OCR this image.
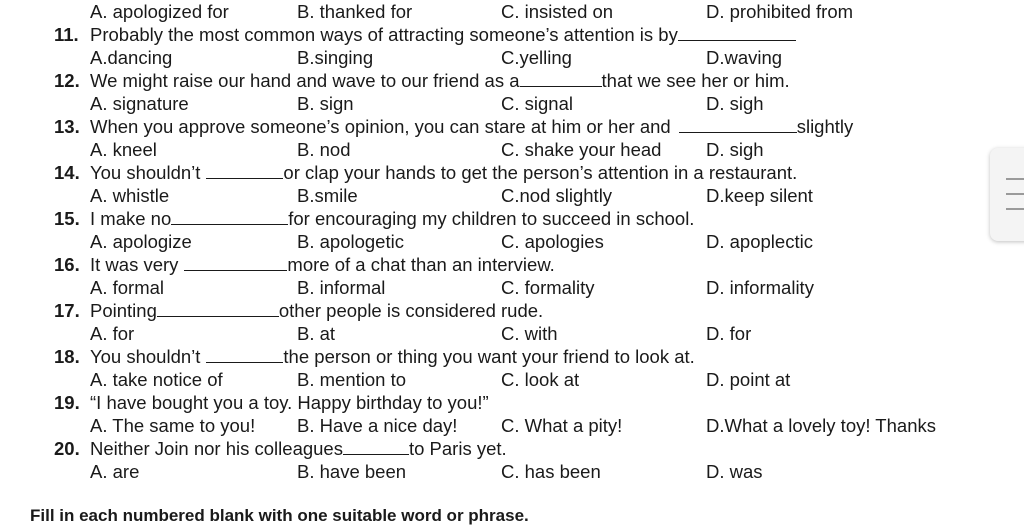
A. apologized for	B. thanked for	C. insisted on	D. prohibited from
11. Probably the most common ways of attracting someone’s attention is by
A.dancing	B.singing	C.yelling	D.waving
12. We might raise our hand and wave to our friend as a	that we see her or him.
A. signature	B. sign	C. signal	D. sigh
13. When you approve someone’s opinion, you can stare at him or her and	slightly
A. kneel	B. nod	C. shake your head D. sigh
14. You shouldn’t	or clap your hands to get the person’s attention in a restaurant.
A. whistle	B.smile	C.nod slightly	D.keep silent
15. I make no	for encouraging my children to succeed in school.
A. apologize	B. apologetic	C. apologies	D. apoplectic
16. It was very	more of a chat than an interview.
A. formal	B. informal	C. formality	D. informality
17. Pointing	other people is considered rude.
A. for	B. at	C. with	D. for
18. You shouldn’t	the person or thing you want your friend to look at.
A. take notice of	B. mention to	C. look at	D. point at
19. “I have bought you a toy. Happy birthday to you!”
A. The same to you! B. Have a nice day! C. What a pity!	D.What a lovely toy! Thanks
20. Neither Join nor his colleagues	to Paris yet.
A. are	B. have been	C. has been	D. was
Fill in each numbered blank with one suitable word or phrase.
